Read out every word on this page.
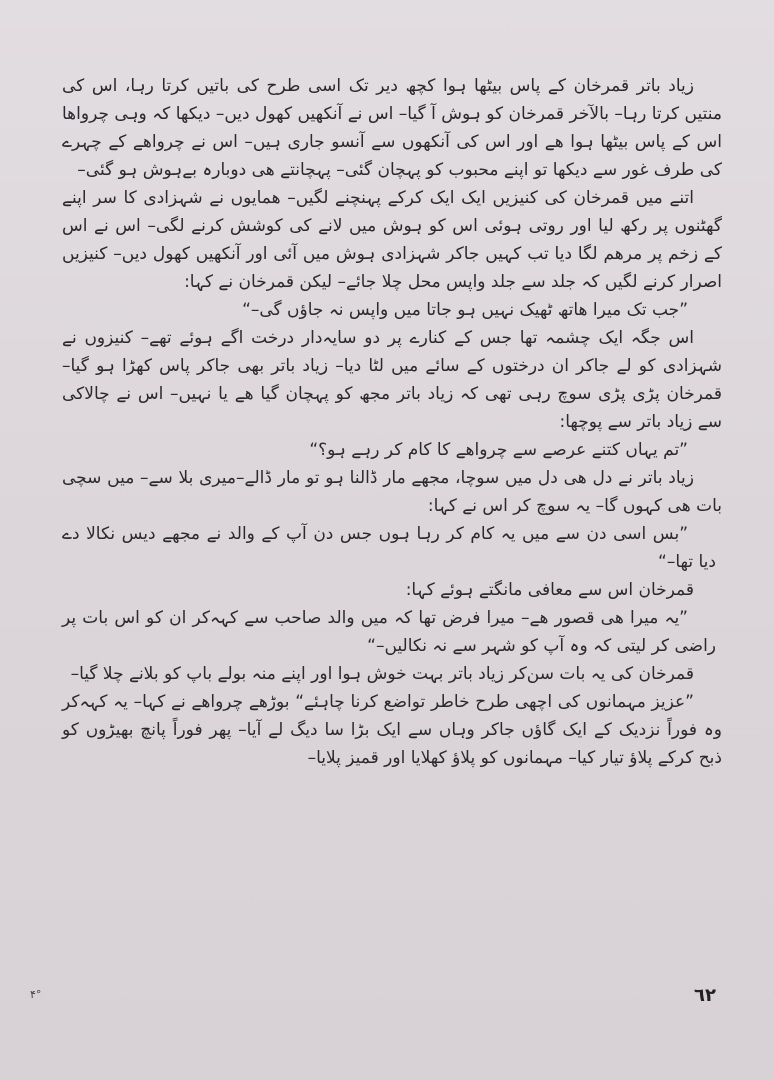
زیاد باتر قمرخان کے پاس بیٹھا ہوا کچھ دیر تک اسی طرح کی باتیں کرتا رہا، اس کی منتیں کرتا رہا– بالآخر قمرخان کو ہوش آ گیا– اس نے آنکھیں کھول دیں– دیکھا کہ وہی چرواھا اس کے پاس بیٹھا ہوا ھے اور اس کی آنکھوں سے آنسو جاری ہیں– اس نے چرواھے کے چہرے کی طرف غور سے دیکھا تو اپنے محبوب کو پہچان گئی– پہچانتے ھی دوبارہ بےہوش ہو گئی–

اتنے میں قمرخان کی کنیزیں ایک ایک کرکے پہنچنے لگیں– ھمایوں نے شہزادی کا سر اپنے گھٹنوں پر رکھ لیا اور روتی ہوئی اس کو ہوش میں لانے کی کوشش کرنے لگی– اس نے اس کے زخم پر مرھم لگا دیا تب کہیں جاکر شہزادی ہوش میں آئی اور آنکھیں کھول دیں– کنیزیں اصرار کرنے لگیں کہ جلد سے جلد واپس محل چلا جائے– لیکن قمرخان نے کہا:

”جب تک میرا ھاتھ ٹھیک نہیں ہو جاتا میں واپس نہ جاؤں گی–“

اس جگہ ایک چشمہ تھا جس کے کنارے پر دو سایہ‌دار درخت اگے ہوئے تھے– کنیزوں نے شہزادی کو لے جاکر ان درختوں کے سائے میں لٹا دیا– زیاد باتر بھی جاکر پاس کھڑا ہو گیا– قمرخان پڑی پڑی سوچ رہی تھی کہ زیاد باتر مجھ کو پہچان گیا ھے یا نہیں– اس نے چالاکی سے زیاد باتر سے پوچھا:

”تم یہاں کتنے عرصے سے چرواھے کا کام کر رہے ہو؟“

زیاد باتر نے دل ھی دل میں سوچا، مجھے مار ڈالنا ہو تو مار ڈالے–میری بلا سے– میں سچی بات ھی کہوں گا– یہ سوچ کر اس نے کہا:

”بس اسی دن سے میں یہ کام کر رہا ہوں جس دن آپ کے والد نے مجھے دیس نکالا دے دیا تھا–“

قمرخان اس سے معافی مانگتے ہوئے کہا:

”یہ میرا ھی قصور ھے– میرا فرض تھا کہ میں والد صاحب سے کہہ‌کر ان کو اس بات پر راضی کر لیتی کہ وہ آپ کو شہر سے نہ نکالیں–“

قمرخان کی یہ بات سن‌کر زیاد باتر بہت خوش ہوا اور اپنے منہ بولے باپ کو بلانے چلا گیا–

”عزیز مہمانوں کی اچھی طرح خاطر تواضع کرنا چاہئے“ بوڑھے چرواھے نے کہا– یہ کہہ‌کر وہ فوراً نزدیک کے ایک گاؤں جاکر وہاں سے ایک بڑا سا دیگ لے آیا– پھر فوراً پانچ بھیڑوں کو ذبح کرکے پلاؤ تیار کیا– مہمانوں کو پلاؤ کھلایا اور قمیز پلایا–

۴°	٦٢
